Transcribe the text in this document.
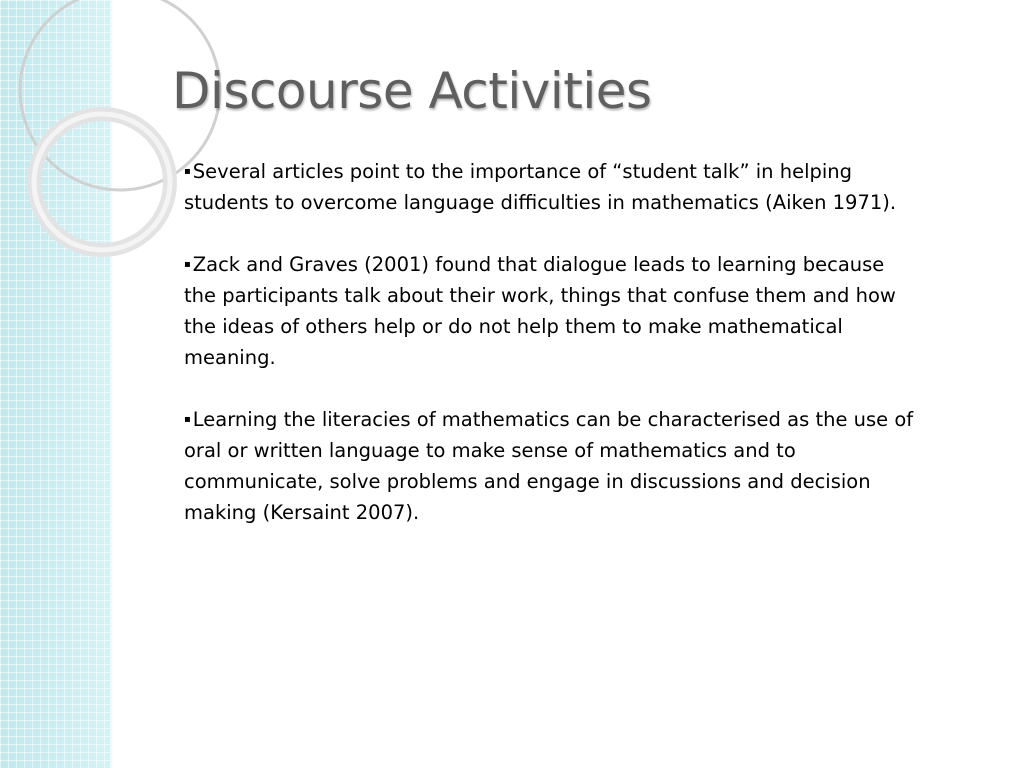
Discourse Activities

▪ Several articles point to the importance of “student talk” in helping students to overcome language difficulties in mathematics (Aiken 1971).

▪ Zack and Graves (2001) found that dialogue leads to learning because the participants talk about their work, things that confuse them and how the ideas of others help or do not help them to make mathematical meaning.

▪ Learning the literacies of mathematics can be characterised as the use of oral or written language to make sense of mathematics and to communicate, solve problems and engage in discussions and decision making (Kersaint 2007).
